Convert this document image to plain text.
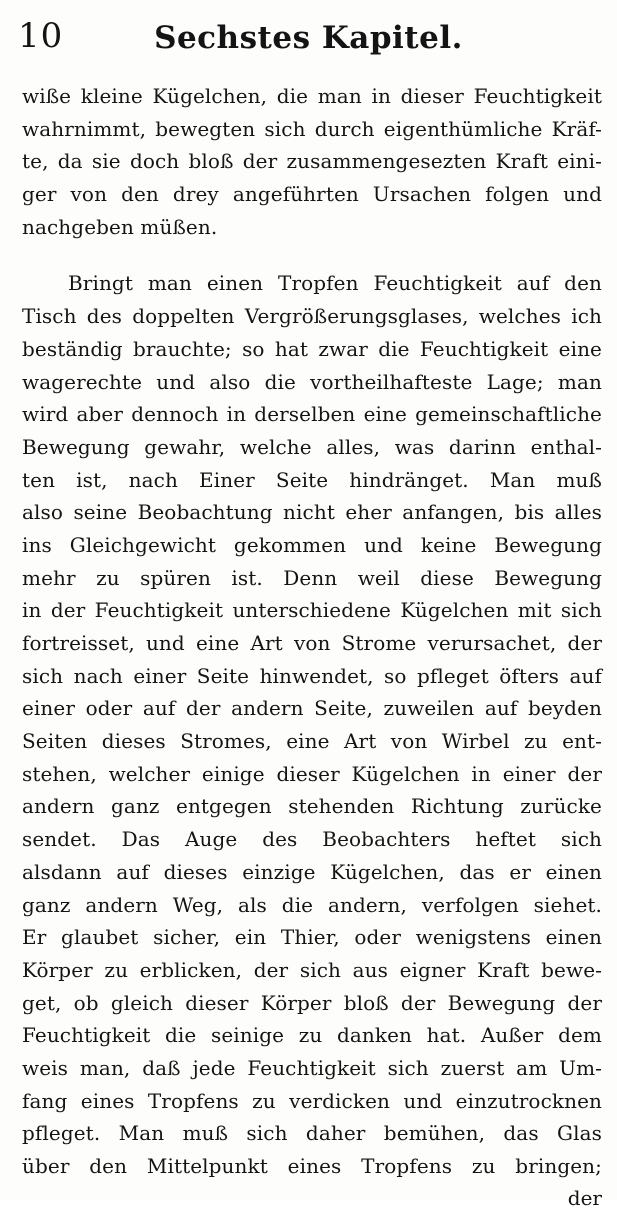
10	Sechstes Kapitel.
wiße kleine Kügelchen, die man in dieser Feuchtigkeit
wahrnimmt, bewegten sich durch eigenthümliche Kräf-
te, da sie doch bloß der zusammengesezten Kraft eini-
ger von den drey angeführten Ursachen folgen und
nachgeben müßen.
Bringt man einen Tropfen Feuchtigkeit auf den
Tisch des doppelten Vergrößerungsglases, welches ich
beständig brauchte; so hat zwar die Feuchtigkeit eine
wagerechte und also die vortheilhafteste Lage; man
wird aber dennoch in derselben eine gemeinschaftliche
Bewegung gewahr, welche alles, was darinn enthal-
ten ist, nach Einer Seite hindränget. Man muß
also seine Beobachtung nicht eher anfangen, bis alles
ins Gleichgewicht gekommen und keine Bewegung
mehr zu spüren ist. Denn weil diese Bewegung
in der Feuchtigkeit unterschiedene Kügelchen mit sich
fortreisset, und eine Art von Strome verursachet, der
sich nach einer Seite hinwendet, so pfleget öfters auf
einer oder auf der andern Seite, zuweilen auf beyden
Seiten dieses Stromes, eine Art von Wirbel zu ent-
stehen, welcher einige dieser Kügelchen in einer der
andern ganz entgegen stehenden Richtung zurücke
sendet. Das Auge des Beobachters heftet sich
alsdann auf dieses einzige Kügelchen, das er einen
ganz andern Weg, als die andern, verfolgen siehet.
Er glaubet sicher, ein Thier, oder wenigstens einen
Körper zu erblicken, der sich aus eigner Kraft bewe-
get, ob gleich dieser Körper bloß der Bewegung der
Feuchtigkeit die seinige zu danken hat. Außer dem
weis man, daß jede Feuchtigkeit sich zuerst am Um-
fang eines Tropfens zu verdicken und einzutrocknen
pfleget. Man muß sich daher bemühen, das Glas
über den Mittelpunkt eines Tropfens zu bringen;
der
